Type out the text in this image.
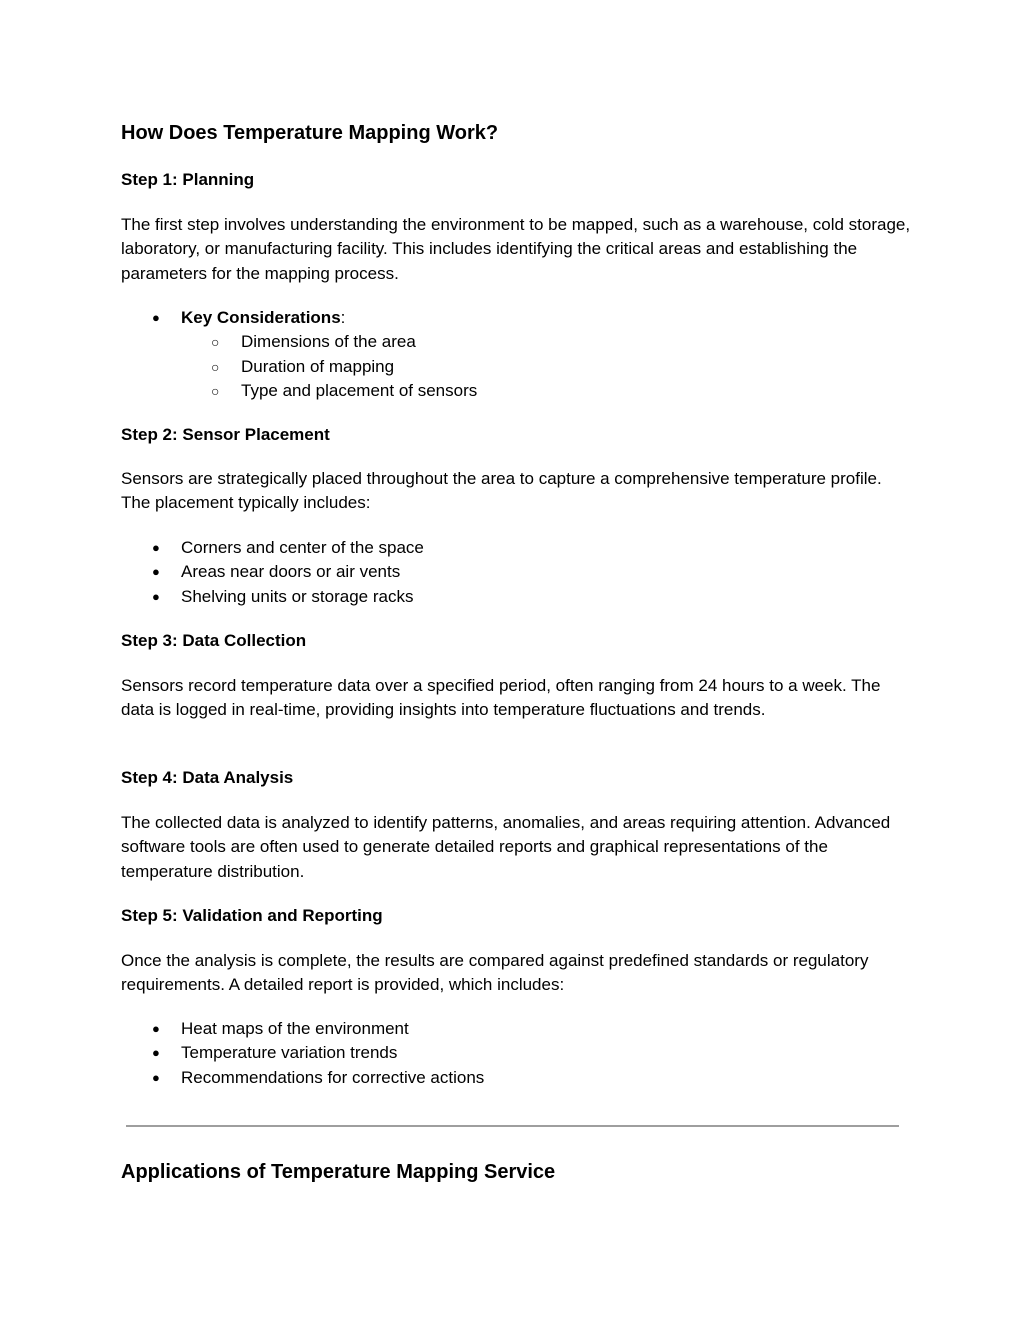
How Does Temperature Mapping Work?
Step 1: Planning

The first step involves understanding the environment to be mapped, such as a warehouse, cold storage, laboratory, or manufacturing facility. This includes identifying the critical areas and establishing the parameters for the mapping process.

● Key Considerations:
○ Dimensions of the area
○ Duration of mapping
○ Type and placement of sensors
Step 2: Sensor Placement

Sensors are strategically placed throughout the area to capture a comprehensive temperature profile. The placement typically includes:

● Corners and center of the space
● Areas near doors or air vents
● Shelving units or storage racks
Step 3: Data Collection

Sensors record temperature data over a specified period, often ranging from 24 hours to a week. The data is logged in real-time, providing insights into temperature fluctuations and trends.

Step 4: Data Analysis

The collected data is analyzed to identify patterns, anomalies, and areas requiring attention. Advanced software tools are often used to generate detailed reports and graphical representations of the temperature distribution.

Step 5: Validation and Reporting

Once the analysis is complete, the results are compared against predefined standards or regulatory requirements. A detailed report is provided, which includes:

● Heat maps of the environment
● Temperature variation trends
● Recommendations for corrective actions
Applications of Temperature Mapping Service
